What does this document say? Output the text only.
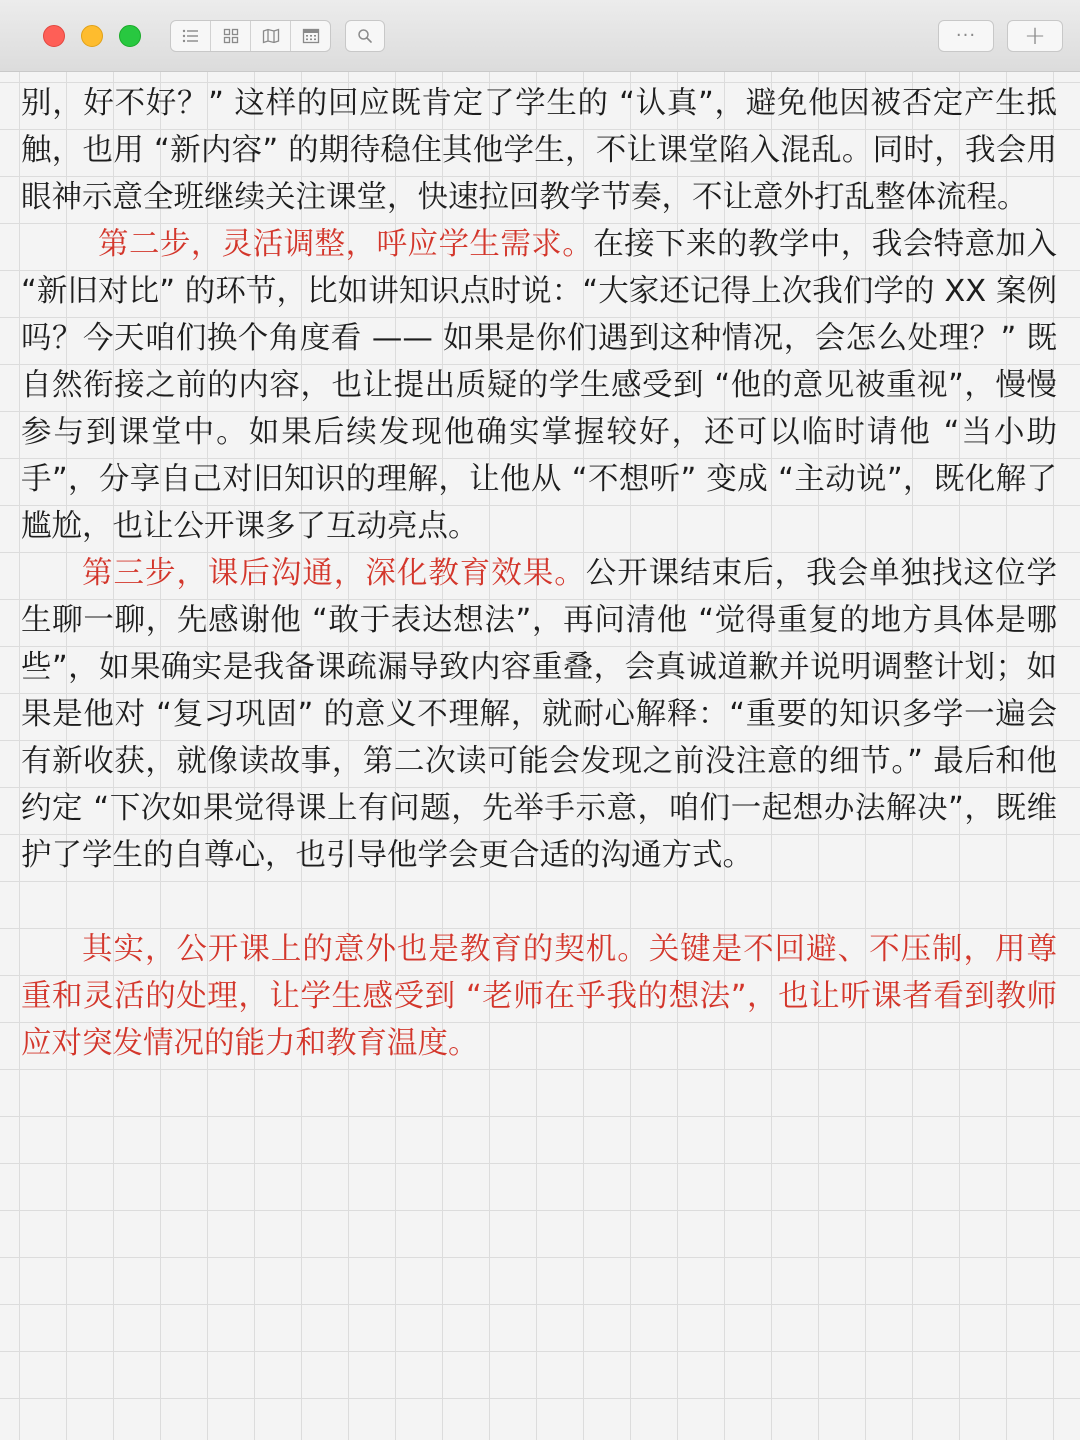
··· +

别，好不好？” 这样的回应既肯定了学生的 “认真”，避免他因被否定产生抵触，也用 “新内容” 的期待稳住其他学生，不让课堂陷入混乱。同时，我会用眼神示意全班继续关注课堂，快速拉回教学节奏，不让意外打乱整体流程。

第二步，灵活调整，呼应学生需求。在接下来的教学中，我会特意加入 “新旧对比” 的环节，比如讲知识点时说：“大家还记得上次我们学的 XX 案例吗？今天咱们换个角度看 —— 如果是你们遇到这种情况，会怎么处理？” 既自然衔接之前的内容，也让提出质疑的学生感受到 “他的意见被重视”，慢慢参与到课堂中。如果后续发现他确实掌握较好，还可以临时请他 “当小助手”，分享自己对旧知识的理解，让他从 “不想听” 变成 “主动说”，既化解了尴尬，也让公开课多了互动亮点。

第三步，课后沟通，深化教育效果。公开课结束后，我会单独找这位学生聊一聊，先感谢他 “敢于表达想法”，再问清他 “觉得重复的地方具体是哪些”，如果确实是我备课疏漏导致内容重叠，会真诚道歉并说明调整计划；如果是他对 “复习巩固” 的意义不理解，就耐心解释：“重要的知识多学一遍会有新收获，就像读故事，第二次读可能会发现之前没注意的细节。” 最后和他约定 “下次如果觉得课上有问题，先举手示意，咱们一起想办法解决”，既维护了学生的自尊心，也引导他学会更合适的沟通方式。

其实，公开课上的意外也是教育的契机。关键是不回避、不压制，用尊重和灵活的处理，让学生感受到 “老师在乎我的想法”，也让听课者看到教师应对突发情况的能力和教育温度。
